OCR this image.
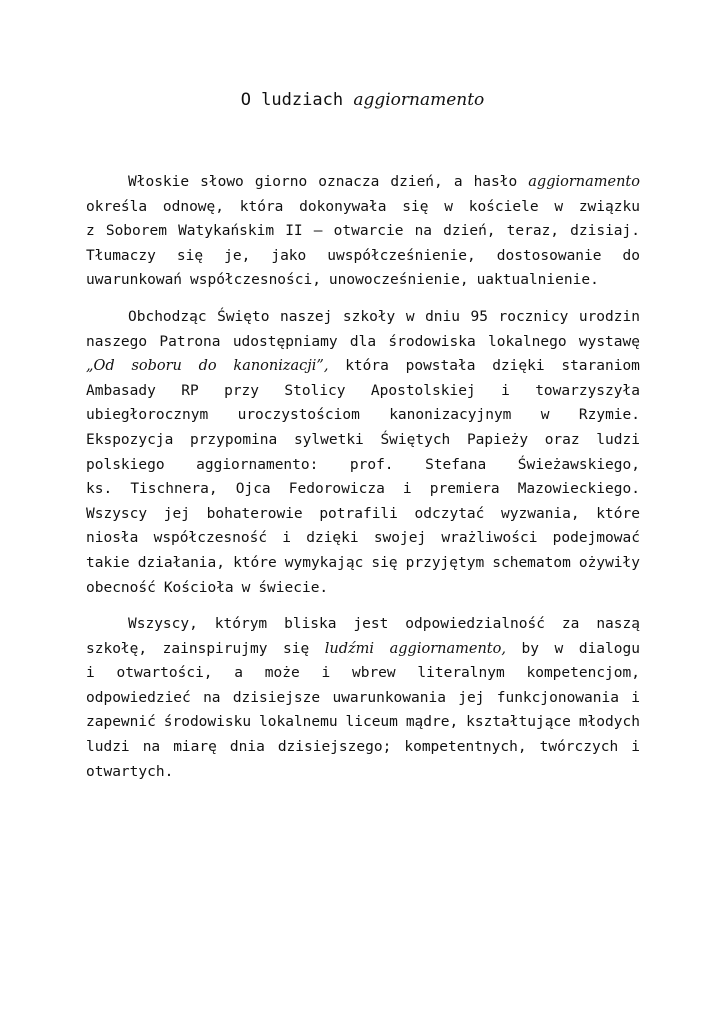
O ludziach aggiornamento
Włoskie słowo giorno oznacza dzień, a hasło aggiornamento
określa odnowę, która dokonywała się w kościele w związku
z Soborem Watykańskim II – otwarcie na dzień, teraz, dzisiaj.
Tłumaczy się je, jako uwspółcześnienie, dostosowanie do
uwarunkowań współczesności, unowocześnienie, uaktualnienie.
Obchodząc Święto naszej szkoły w dniu 95 rocznicy urodzin
naszego Patrona udostępniamy dla środowiska lokalnego wystawę
„Od soboru do kanonizacji”, która powstała dzięki staraniom
Ambasady RP przy Stolicy Apostolskiej i towarzyszyła
ubiegłorocznym uroczystościom kanonizacyjnym w Rzymie.
Ekspozycja przypomina sylwetki Świętych Papieży oraz ludzi
polskiego aggiornamento: prof. Stefana Świeżawskiego,
ks. Tischnera, Ojca Fedorowicza i premiera Mazowieckiego.
Wszyscy jej bohaterowie potrafili odczytać wyzwania, które
niosła współczesność i dzięki swojej wrażliwości podejmować
takie działania, które wymykając się przyjętym schematom ożywiły
obecność Kościoła w świecie.
Wszyscy, którym bliska jest odpowiedzialność za naszą
szkołę, zainspirujmy się ludźmi aggiornamento, by w dialogu
i otwartości, a może i wbrew literalnym kompetencjom,
odpowiedzieć na dzisiejsze uwarunkowania jej funkcjonowania i
zapewnić środowisku lokalnemu liceum mądre, kształtujące młodych
ludzi na miarę dnia dzisiejszego; kompetentnych, twórczych i
otwartych.
